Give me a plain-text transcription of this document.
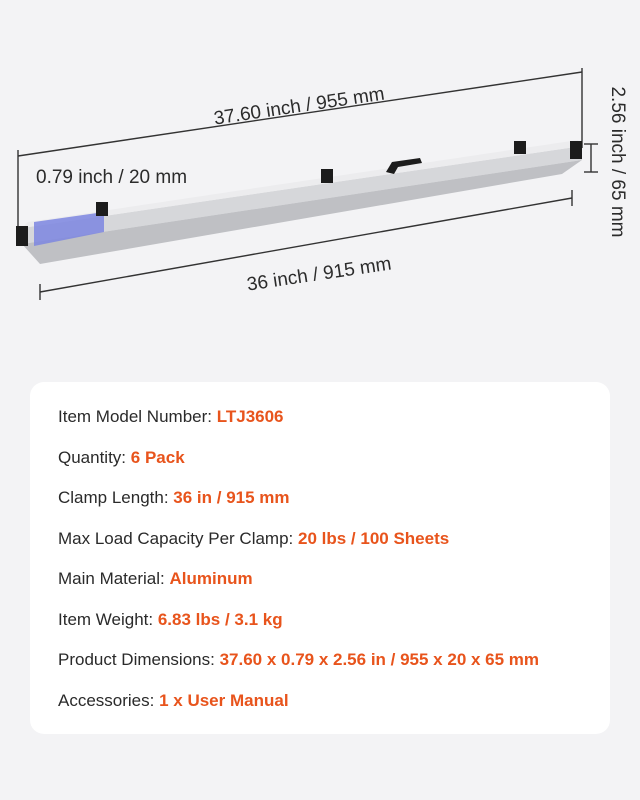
37.60 inch / 955 mm
0.79 inch / 20 mm	2.56 inch / 65 mm
36 inch / 915 mm
Item Model Number: LTJ3606
Quantity: 6 Pack
Clamp Length: 36 in / 915 mm
Max Load Capacity Per Clamp: 20 lbs / 100 Sheets
Main Material: Aluminum
Item Weight: 6.83 lbs / 3.1 kg
Product Dimensions: 37.60 x 0.79 x 2.56 in / 955 x 20 x 65 mm
Accessories: 1 x User Manual
